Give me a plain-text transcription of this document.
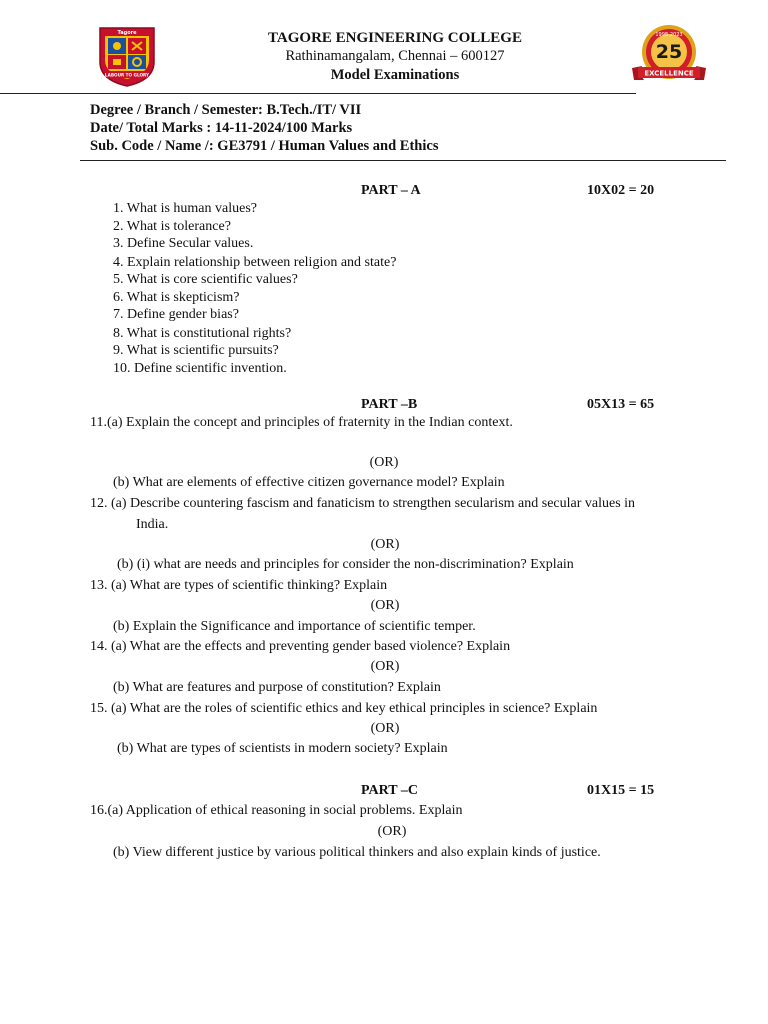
Tagore
LABOUR TO GLORY
25
1998-2023
EXCELLENCE
TAGORE ENGINEERING COLLEGE
Rathinamangalam, Chennai – 600127
Model Examinations
Degree / Branch / Semester: B.Tech./IT/ VII
Date/ Total Marks : 14-11-2024/100 Marks
Sub. Code / Name /: GE3791 / Human Values and Ethics
PART – A	10X02 = 20
1. What is human values?
2. What is tolerance?
3. Define Secular values.
4. Explain relationship between religion and state?
5. What is core scientific values?
6. What is skepticism?
7. Define gender bias?
8. What is constitutional rights?
9. What is scientific pursuits?
10. Define scientific invention.
PART –B	05X13 = 65
11.(a) Explain the concept and principles of fraternity in the Indian context.
(OR)
(b) What are elements of effective citizen governance model? Explain
12. (a) Describe countering fascism and fanaticism to strengthen secularism and secular values in
India.
(OR)
(b) (i) what are needs and principles for consider the non-discrimination? Explain
13. (a) What are types of scientific thinking? Explain
(OR)
(b) Explain the Significance and importance of scientific temper.
14. (a) What are the effects and preventing gender based violence? Explain
(OR)
(b) What are features and purpose of constitution? Explain
15. (a) What are the roles of scientific ethics and key ethical principles in science? Explain
(OR)
(b) What are types of scientists in modern society? Explain
PART –C	01X15 = 15
16.(a) Application of ethical reasoning in social problems. Explain
(OR)
(b) View different justice by various political thinkers and also explain kinds of justice.
